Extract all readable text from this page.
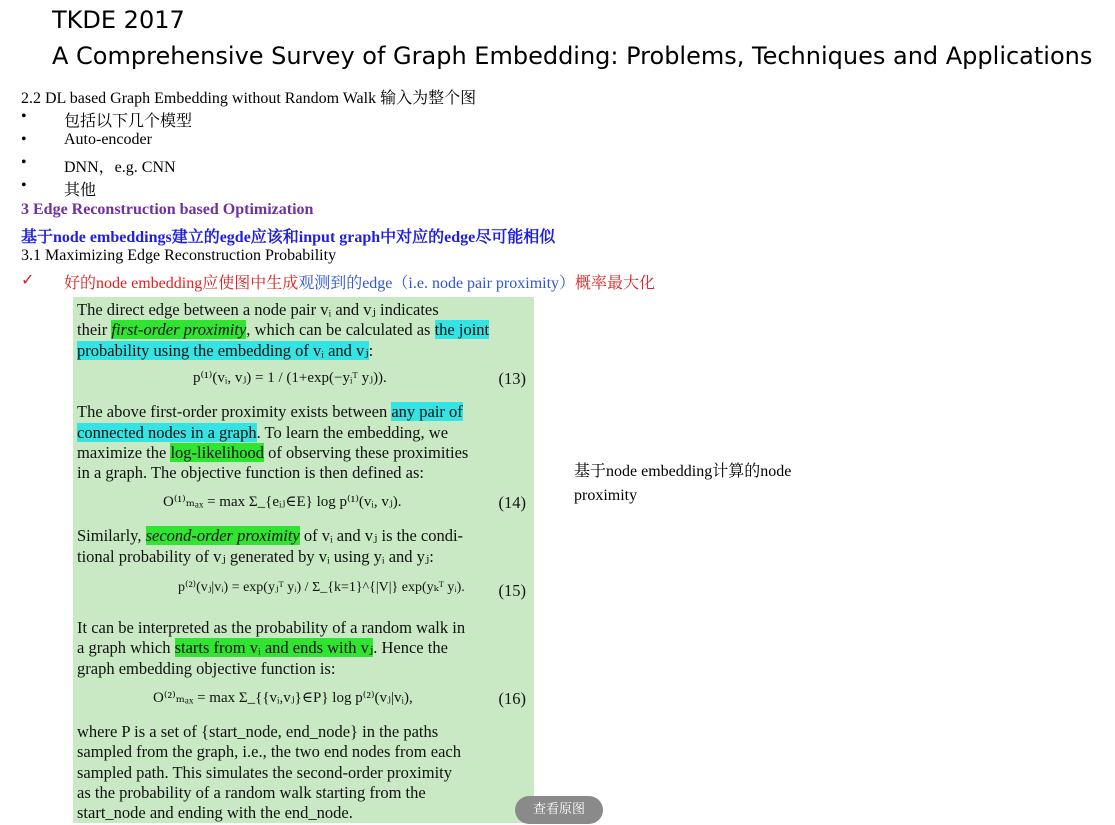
TKDE 2017
A Comprehensive Survey of Graph Embedding: Problems, Techniques and Applications
2.2 DL based Graph Embedding without Random Walk 输入为整个图
• 包括以下几个模型
• Auto-encoder
• DNN，e.g. CNN
• 其他
3 Edge Reconstruction based Optimization
基于node embeddings建立的egde应该和input graph中对应的edge尽可能相似
3.1 Maximizing Edge Reconstruction Probability
✓ 好的node embedding应使图中生成观测到的edge（i.e. node pair proximity）概率最大化
The direct edge between a node pair vᵢ and vⱼ indicates
their first-order proximity, which can be calculated as the joint
probability using the embedding of vᵢ and vⱼ:
p⁽¹⁾(vᵢ, vⱼ) = 1 / (1+exp(−yᵢᵀ yⱼ)).	(13)
The above first-order proximity exists between any pair of
connected nodes in a graph. To learn the embedding, we
maximize the log-likelihood of observing these proximities
in a graph. The objective function is then defined as:
O⁽¹⁾ₘₐₓ = max Σ_{eᵢⱼ∈E} log p⁽¹⁾(vᵢ, vⱼ).	(14)
Similarly, second-order proximity of vᵢ and vⱼ is the condi-
tional probability of vⱼ generated by vᵢ using yᵢ and yⱼ:
p⁽²⁾(vⱼ|vᵢ) = exp(yⱼᵀ yᵢ) / Σ_{k=1}^{|V|} exp(yₖᵀ yᵢ). (15)
It can be interpreted as the probability of a random walk in
a graph which starts from vᵢ and ends with vⱼ. Hence the
graph embedding objective function is:
O⁽²⁾ₘₐₓ = max Σ_{{vᵢ,vⱼ}∈P} log p⁽²⁾(vⱼ|vᵢ),	(16)
where P is a set of {start_node, end_node} in the paths
sampled from the graph, i.e., the two end nodes from each
sampled path. This simulates the second-order proximity
as the probability of a random walk starting from the
start_node and ending with the end_node.
基于node embedding计算的node proximity
查看原图
